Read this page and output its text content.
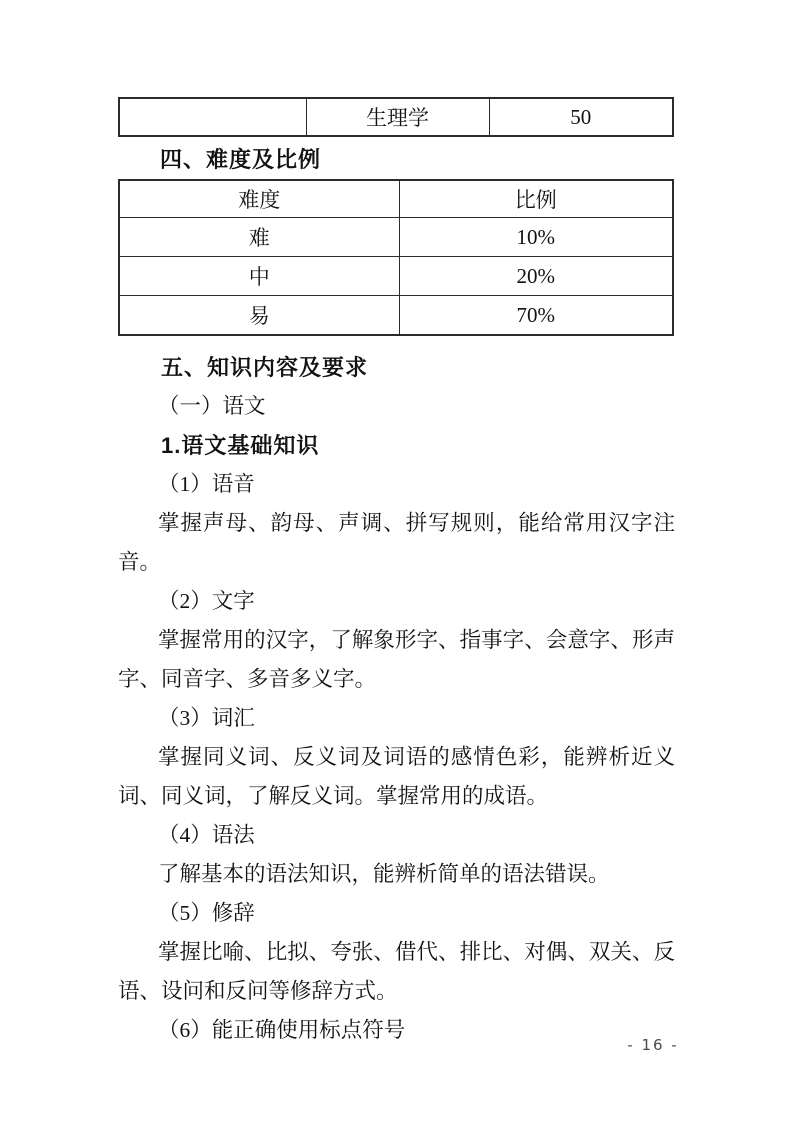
	生理学	50
四、难度及比例
难度	比例
难	10%
中	20%
易	70%
五、知识内容及要求
（一）语文
1.语文基础知识
（1）语音

掌握声母、韵母、声调、拼写规则，能给常用汉字注音。

（2）文字

掌握常用的汉字，了解象形字、指事字、会意字、形声字、同音字、多音多义字。

（3）词汇

掌握同义词、反义词及词语的感情色彩，能辨析近义词、同义词，了解反义词。掌握常用的成语。

（4）语法

了解基本的语法知识，能辨析简单的语法错误。

（5）修辞

掌握比喻、比拟、夸张、借代、排比、对偶、双关、反语、设问和反问等修辞方式。

（6）能正确使用标点符号
- 16 -
